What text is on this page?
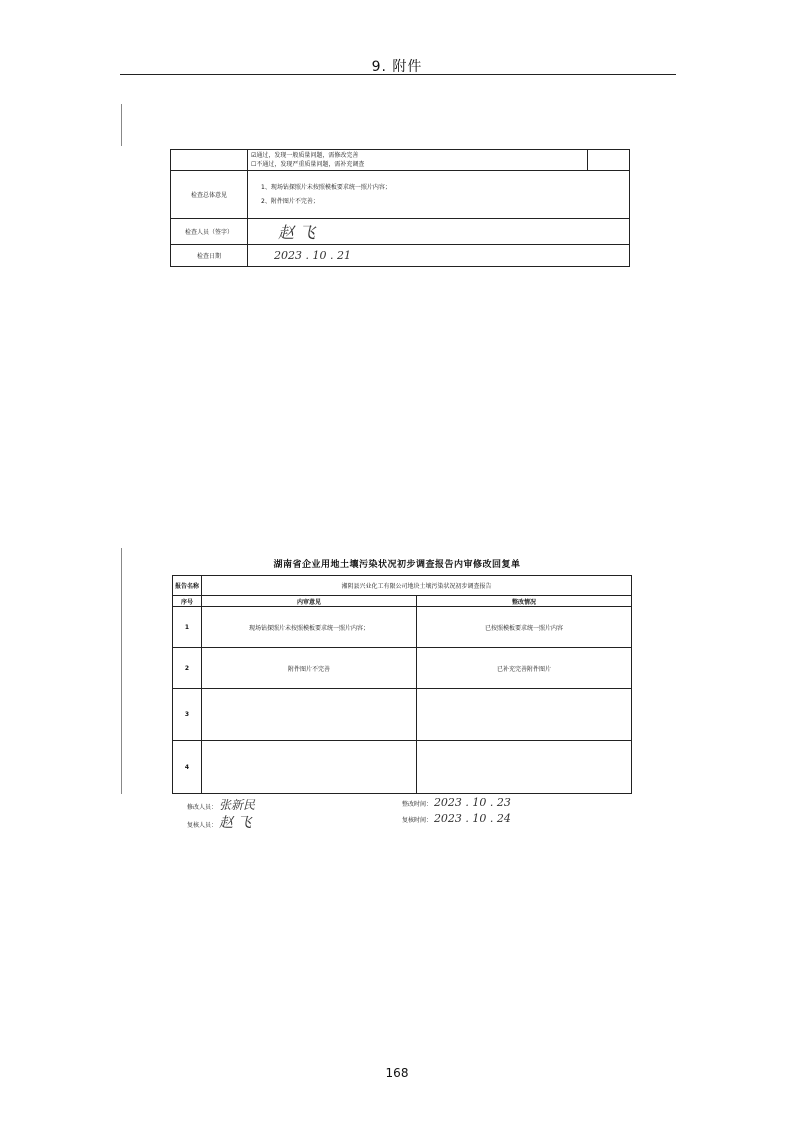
9. 附件

	☑通过，发现一般质量问题，需修改完善
☐不通过，发现严重质量问题，需补充调查	

检查总体意见	1、现场钻探照片未按照模板要求统一照片内容；
2、附件图片不完善；	

检查人员（签字）	赵 飞	
检查日期	2023 . 10 . 21	
湖南省企业用地土壤污染状况初步调查报告内审修改回复单
报告名称	湘阴县兴业化工有限公司地块土壤污染状况初步调查报告	
序号	内审意见	整改情况
1	现场钻探照片未按照模板要求统一照片内容；	已按照模板要求统一照片内容
2	附件图片不完善	已补充完善附件图片
3		
4		
修改人员： 张新民	整改时间： 2023 . 10 . 23
复核人员： 赵 飞	复核时间： 2023 . 10 . 24
168
